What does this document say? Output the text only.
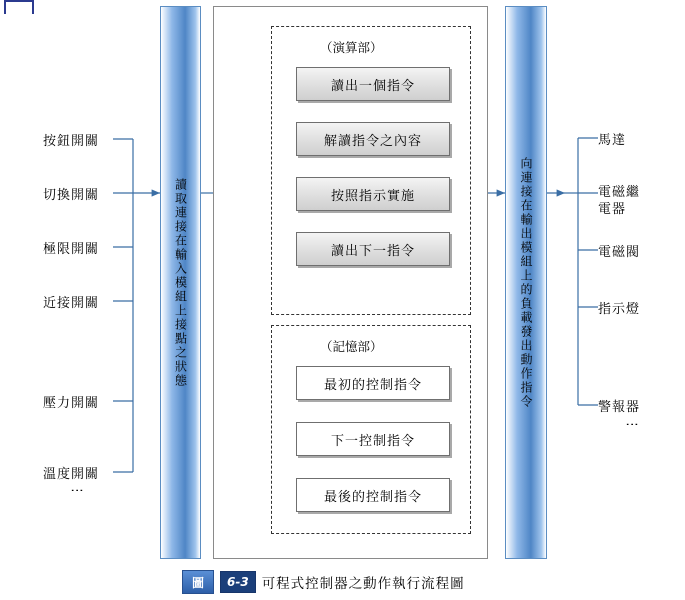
按鈕開關
切換開關
極限開關
近接開關
壓力開關
溫度開關
⋮
讀取連接在輸入模組上接點之狀態
（演算部）
讀出一個指令
解讀指令之內容
按照指示實施
讀出下一指令
（記憶部）
最初的控制指令
下一控制指令
最後的控制指令
向連接在輸出模組上的負載發出動作指令
馬達
電磁繼
電器
電磁閥
指示燈
警報器
⋮
圖	6-3 可程式控制器之動作執行流程圖
